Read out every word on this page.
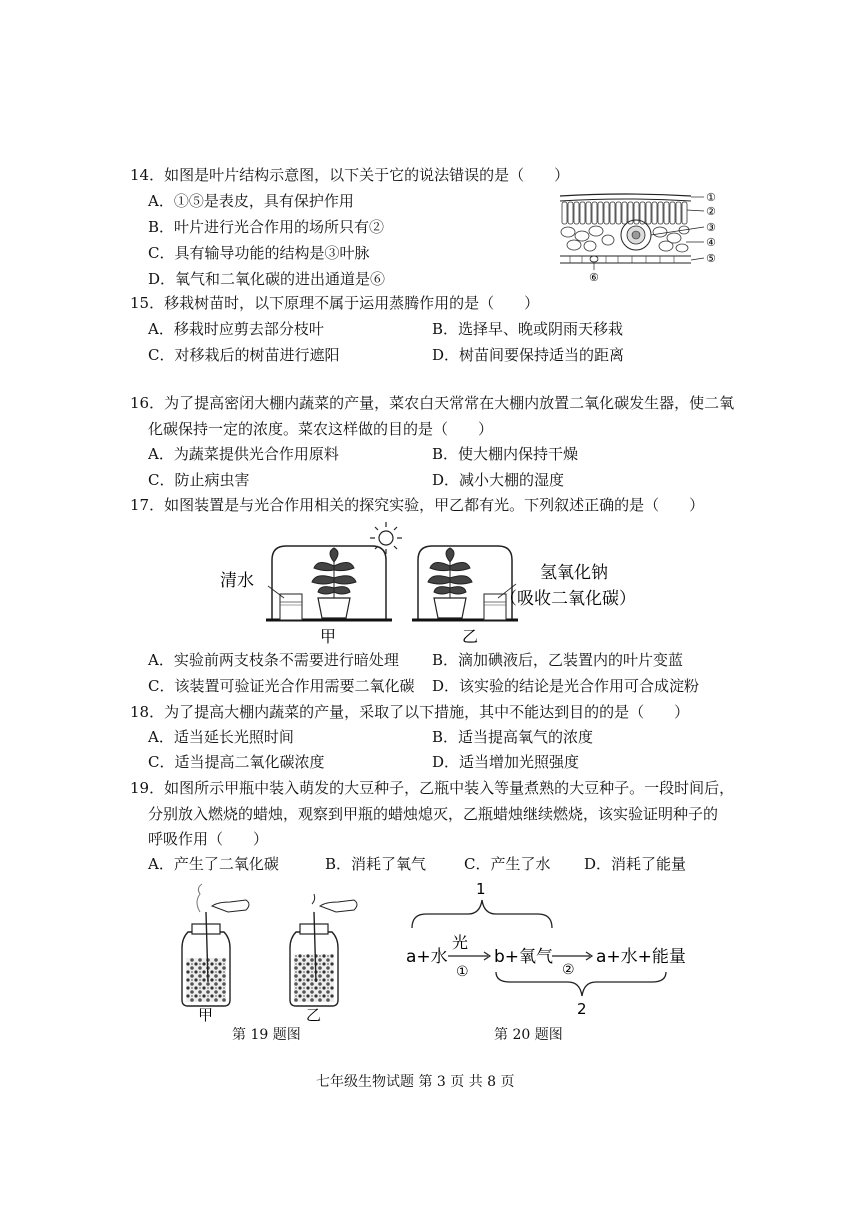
14．如图是叶片结构示意图，以下关于它的说法错误的是（　　）
A．①⑤是表皮，具有保护作用
B．叶片进行光合作用的场所只有②
C．具有输导功能的结构是③叶脉
D．氧气和二氧化碳的进出通道是⑥
①
②
③
④
⑤
⑥
15．移栽树苗时，以下原理不属于运用蒸腾作用的是（　　）
A．移栽时应剪去部分枝叶	B．选择早、晚或阴雨天移栽
C．对移栽后的树苗进行遮阳	D．树苗间要保持适当的距离
16．为了提高密闭大棚内蔬菜的产量，菜农白天常常在大棚内放置二氧化碳发生器，使二氧
化碳保持一定的浓度。菜农这样做的目的是（　　）
A．为蔬菜提供光合作用原料	B．使大棚内保持干燥
C．防止病虫害	D．减小大棚的湿度
17．如图装置是与光合作用相关的探究实验，甲乙都有光。下列叙述正确的是（　　）
清水	氢氧化钠
（吸收二氧化碳）
甲	乙
A．实验前两支枝条不需要进行暗处理 B．滴加碘液后，乙装置内的叶片变蓝
C．该装置可验证光合作用需要二氧化碳 D．该实验的结论是光合作用可合成淀粉
18．为了提高大棚内蔬菜的产量，采取了以下措施，其中不能达到目的的是（　　）
A．适当延长光照时间	B．适当提高氧气的浓度
C．适当提高二氧化碳浓度	D．适当增加光照强度
19．如图所示甲瓶中装入萌发的大豆种子，乙瓶中装入等量煮熟的大豆种子。一段时间后，
分别放入燃烧的蜡烛，观察到甲瓶的蜡烛熄灭，乙瓶蜡烛继续燃烧，该实验证明种子的
呼吸作用（　　）
A．产生了二氧化碳	B．消耗了氧气	C．产生了水 D．消耗了能量
甲	乙
第 19 题图
1
a+水
光
①
b+氧气
②
a+水+能量
2
第 20 题图
七年级生物试题 第 3 页 共 8 页
